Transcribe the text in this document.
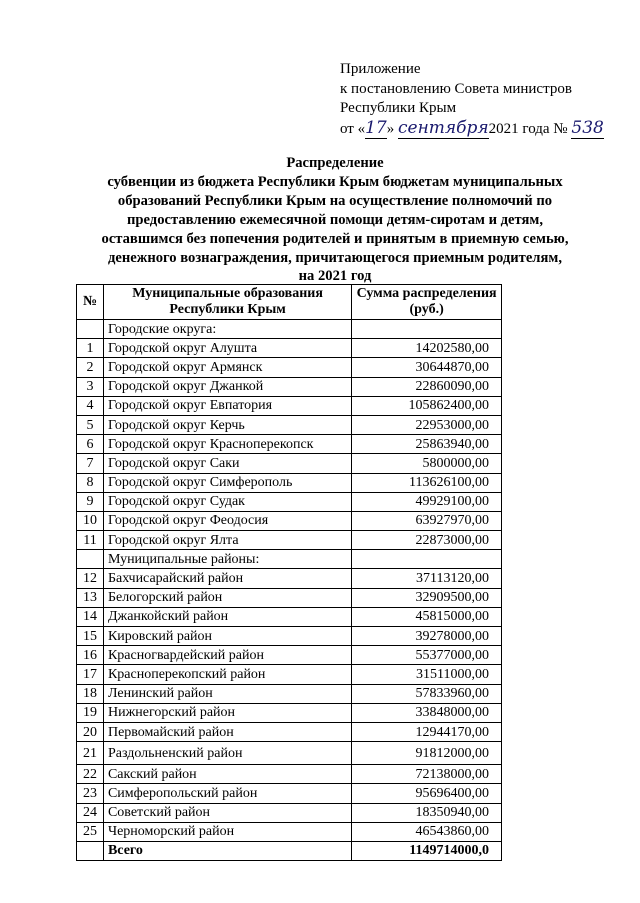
Приложение
к постановлению Совета министров
Республики Крым
от «17» сентября2021 года № 538
Распределение
субвенции из бюджета Республики Крым бюджетам муниципальных
образований Республики Крым на осуществление полномочий по
предоставлению ежемесячной помощи детям-сиротам и детям,
оставшимся без попечения родителей и принятым в приемную семью,
денежного вознаграждения, причитающегося приемным родителям,
на 2021 год
№	Муниципальные образования Республики Крым	Сумма распределения (руб.)
	Городские округа:	
1	Городской округ Алушта	14202580,00
2	Городской округ Армянск	30644870,00
3	Городской округ Джанкой	22860090,00
4	Городской округ Евпатория	105862400,00
5	Городской округ Керчь	22953000,00
6	Городской округ Красноперекопск	25863940,00
7	Городской округ Саки	5800000,00
8	Городской округ Симферополь	113626100,00
9	Городской округ Судак	49929100,00
10	Городской округ Феодосия	63927970,00
11	Городской округ Ялта	22873000,00
	Муниципальные районы:	
12	Бахчисарайский район	37113120,00
13	Белогорский район	32909500,00
14	Джанкойский район	45815000,00
15	Кировский район	39278000,00
16	Красногвардейский район	55377000,00
17	Красноперекопский район	31511000,00
18	Ленинский район	57833960,00
19	Нижнегорский район	33848000,00
20	Первомайский район	12944170,00
21	Раздольненский район	91812000,00
22	Сакский район	72138000,00
23	Симферопольский район	95696400,00
24	Советский район	18350940,00
25	Черноморский район	46543860,00
	Всего	1149714000,0
